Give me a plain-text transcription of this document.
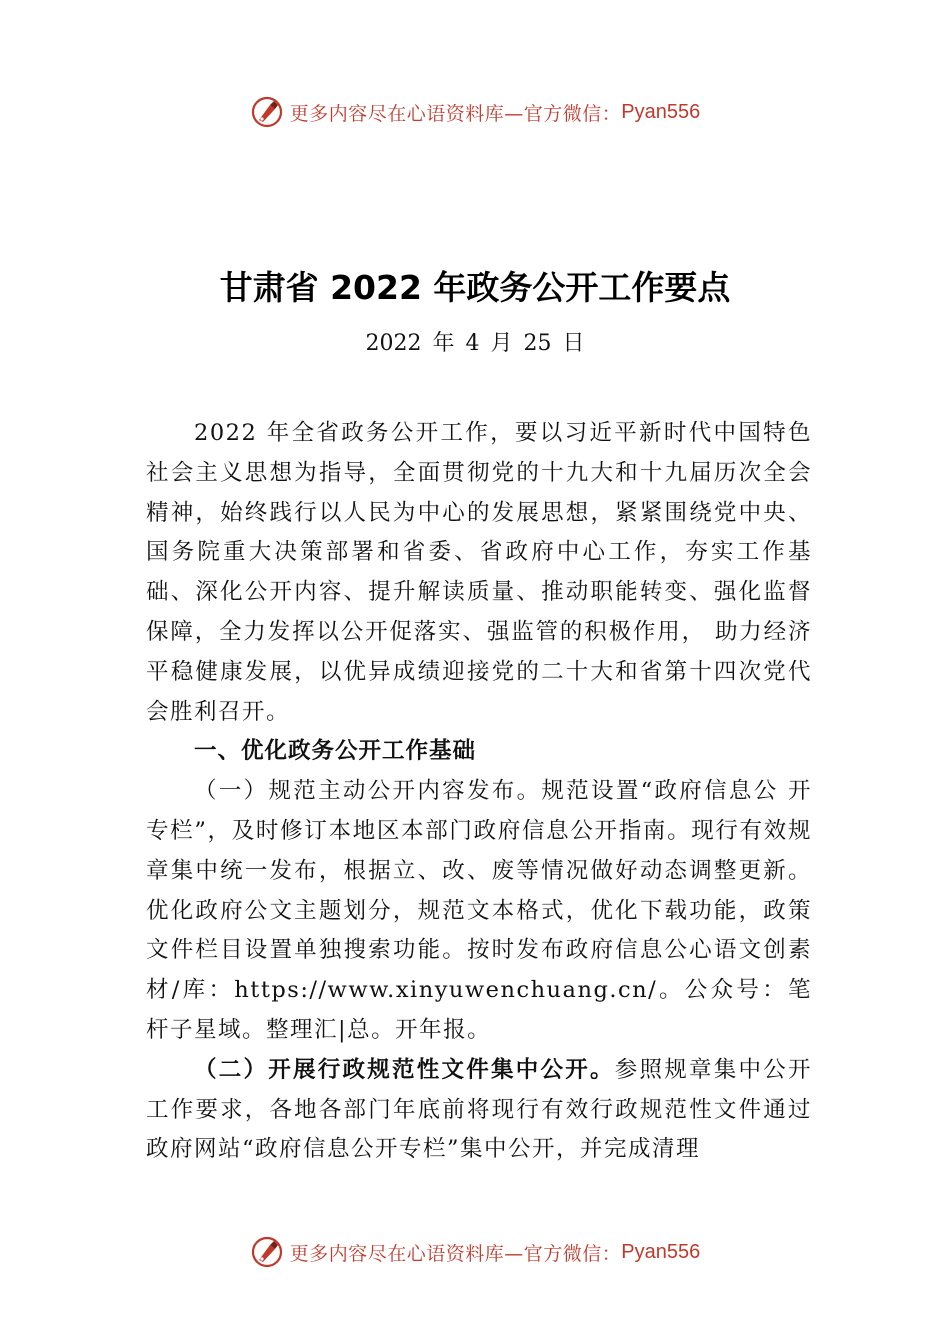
更多内容尽在心语资料库—官方微信： Pyan556
甘肃省 2022 年政务公开工作要点
2022 年 4 月 25 日

2022 年全省政务公开工作，要以习近平新时代中国特色社会主义思想为指导，全面贯彻党的十九大和十九届历次全会精神，始终践行以人民为中心的发展思想，紧紧围绕党中央、国务院重大决策部署和省委、省政府中心工作，夯实工作基础、深化公开内容、提升解读质量、推动职能转变、强化监督保障，全力发挥以公开促落实、强监管的积极作用， 助力经济平稳健康发展，以优异成绩迎接党的二十大和省第十四次党代会胜利召开。

一、优化政务公开工作基础

（一）规范主动公开内容发布。规范设置“政府信息公 开专栏”，及时修订本地区本部门政府信息公开指南。现行有效规章集中统一发布，根据立、改、废等情况做好动态调整更新。优化政府公文主题划分，规范文本格式，优化下载功能，政策文件栏目设置单独搜索功能。按时发布政府信息公心语文创素材/库：https://www.xinyuwenchuang.cn/。公众号：笔杆子星域。整理汇|总。开年报。

（二）开展行政规范性文件集中公开。参照规章集中公开工作要求，各地各部门年底前将现行有效行政规范性文件通过政府网站“政府信息公开专栏”集中公开，并完成清理

更多内容尽在心语资料库—官方微信： Pyan556
